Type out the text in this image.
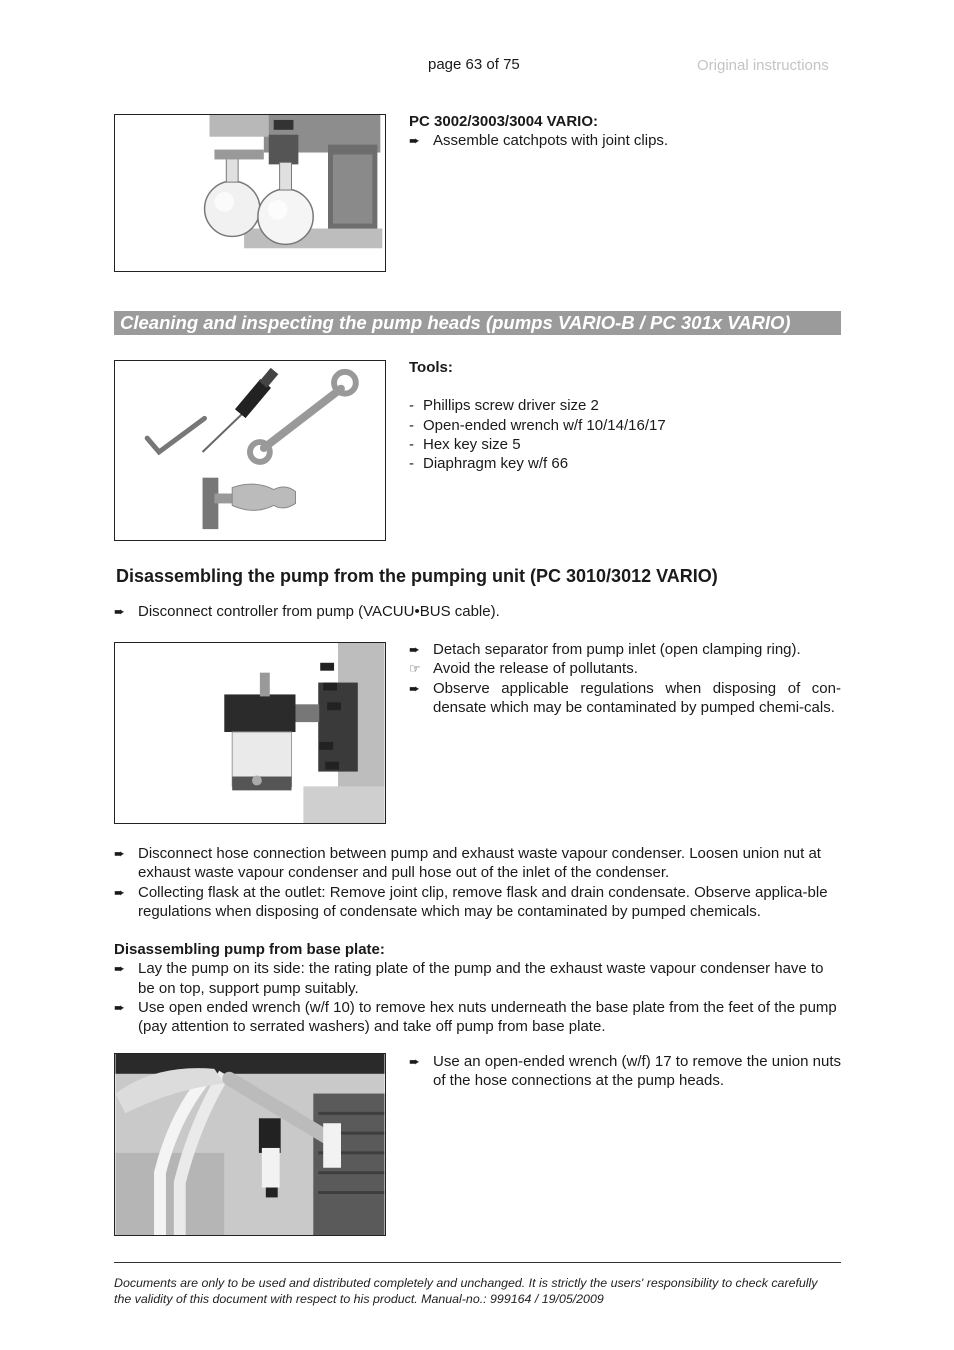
page 63 of 75	Original instructions
PC 3002/3003/3004 VARIO:
➨ Assemble catchpots with joint clips.
Cleaning and inspecting the pump heads (pumps VARIO-B / PC 301x VARIO)
Tools:
- Phillips screw driver size 2
- Open-ended wrench w/f 10/14/16/17
- Hex key size 5
- Diaphragm key w/f 66
Disassembling the pump from the pumping unit (PC 3010/3012 VARIO)
➨ Disconnect controller from pump (VACUU•BUS cable).
➨ Detach separator from pump inlet (open clamping ring).
☞ Avoid the release of pollutants.
➨ Observe applicable regulations when disposing of con-densate which may be contaminated by pumped chemi-cals.
➨ Disconnect hose connection between pump and exhaust waste vapour condenser. Loosen union nut at exhaust waste vapour condenser and pull hose out of the inlet of the condenser.
➨ Collecting flask at the outlet: Remove joint clip, remove flask and drain condensate. Observe applica-ble regulations when disposing of condensate which may be contaminated by pumped chemicals.
Disassembling pump from base plate:
➨ Lay the pump on its side: the rating plate of the pump and the exhaust waste vapour condenser have to be on top, support pump suitably.
➨ Use open ended wrench (w/f 10) to remove hex nuts underneath the base plate from the feet of the pump (pay attention to serrated washers) and take off pump from base plate.
➨ Use an open-ended wrench (w/f) 17 to remove the union nuts of the hose connections at the pump heads.
Documents are only to be used and distributed completely and unchanged. It is strictly the users' responsibility to check carefully
the validity of this document with respect to his product. Manual-no.: 999164 / 19/05/2009
